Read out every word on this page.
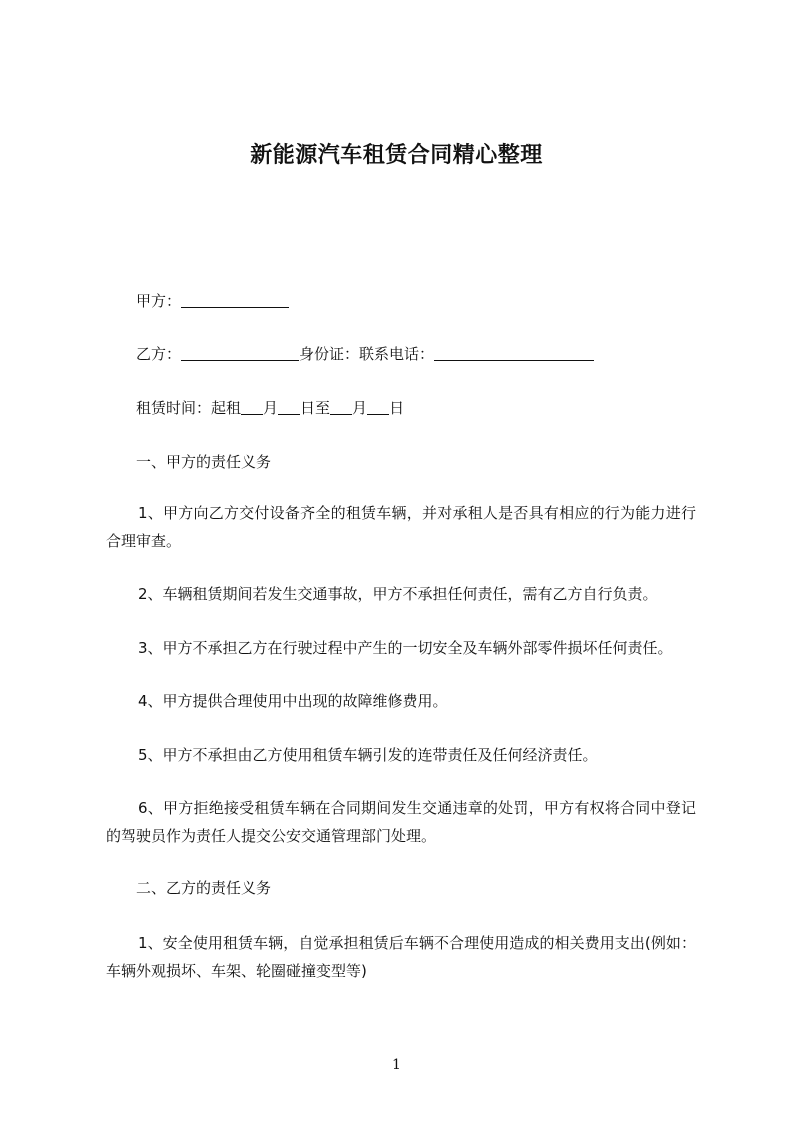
新能源汽车租赁合同精心整理
甲方：
乙方：	身份证：联系电话：
租赁时间：起租 月 日至 月 日
一、甲方的责任义务
1、甲方向乙方交付设备齐全的租赁车辆，并对承租人是否具有相应的行为能力进行合理审查。
2、车辆租赁期间若发生交通事故，甲方不承担任何责任，需有乙方自行负责。
3、甲方不承担乙方在行驶过程中产生的一切安全及车辆外部零件损坏任何责任。
4、甲方提供合理使用中出现的故障维修费用。
5、甲方不承担由乙方使用租赁车辆引发的连带责任及任何经济责任。
6、甲方拒绝接受租赁车辆在合同期间发生交通违章的处罚，甲方有权将合同中登记的驾驶员作为责任人提交公安交通管理部门处理。
二、乙方的责任义务
1、安全使用租赁车辆，自觉承担租赁后车辆不合理使用造成的相关费用支出(例如：车辆外观损坏、车架、轮圈碰撞变型等)
1
